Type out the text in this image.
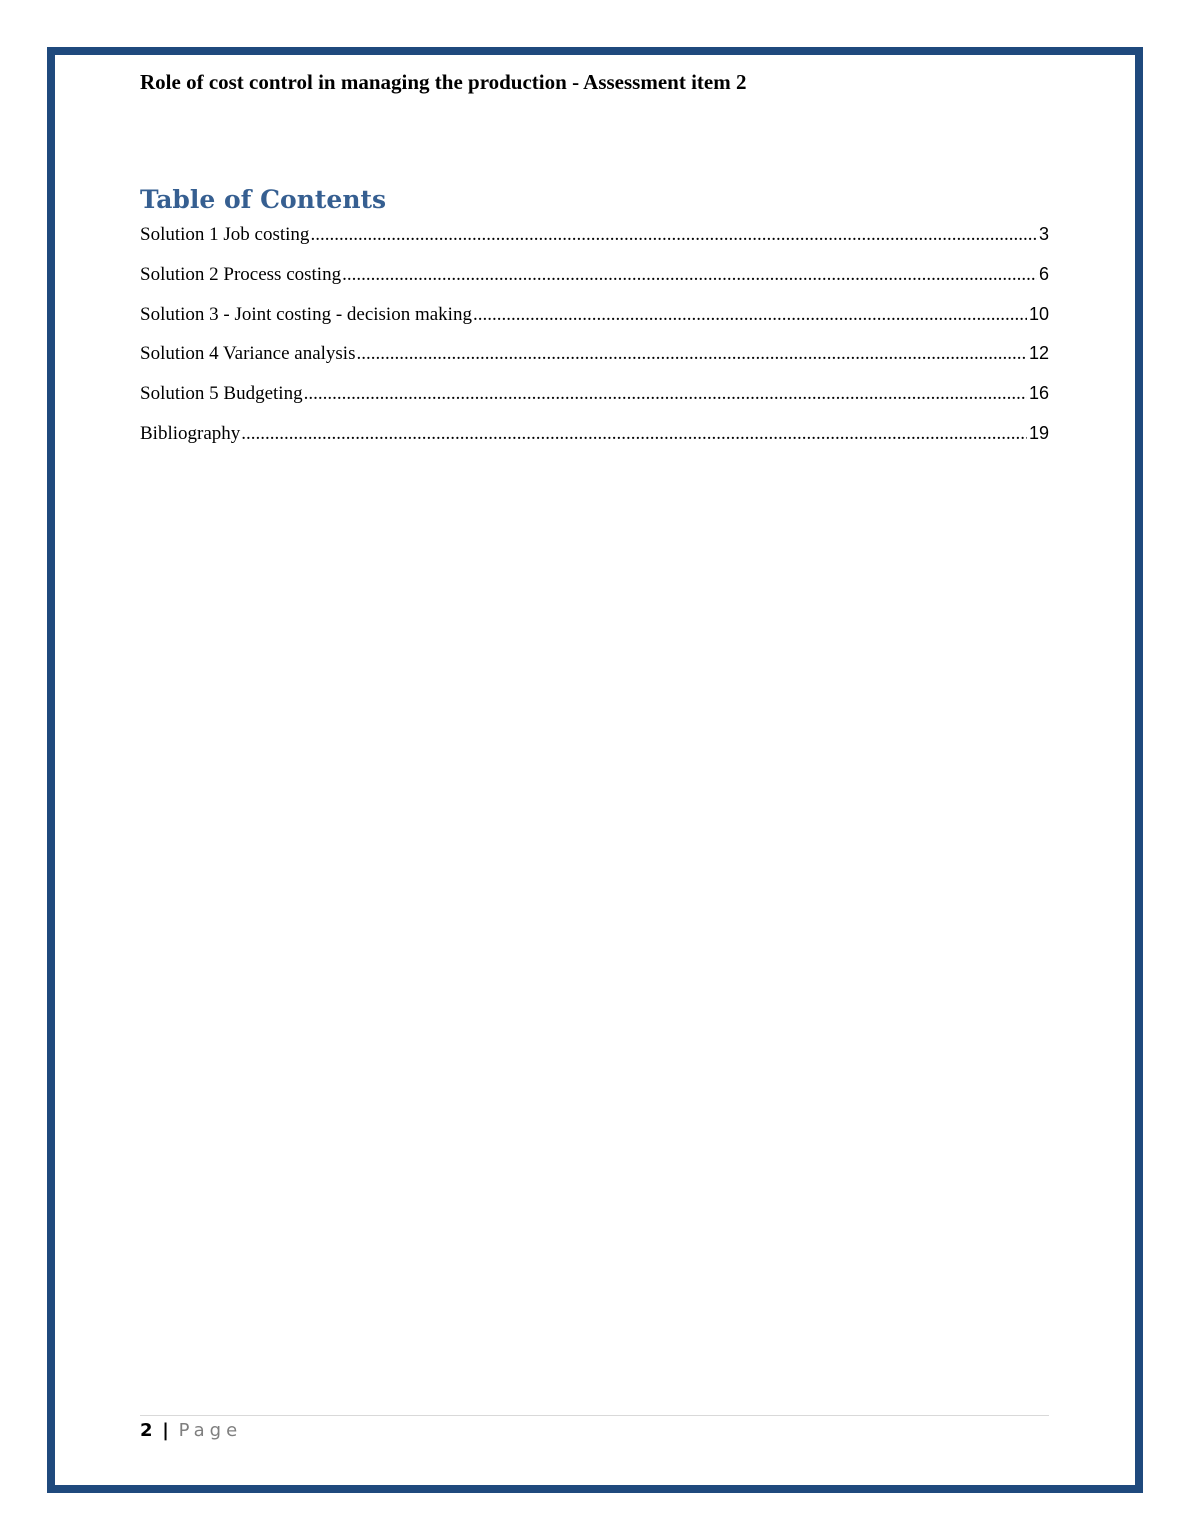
Role of cost control in managing the production - Assessment item 2
Table of Contents
Solution 1 Job costing .....	3
Solution 2 Process costing .....	6
Solution 3 - Joint costing - decision making .....	10
Solution 4 Variance analysis .....	12
Solution 5 Budgeting .....	16
Bibliography .....	19
2 | Page
